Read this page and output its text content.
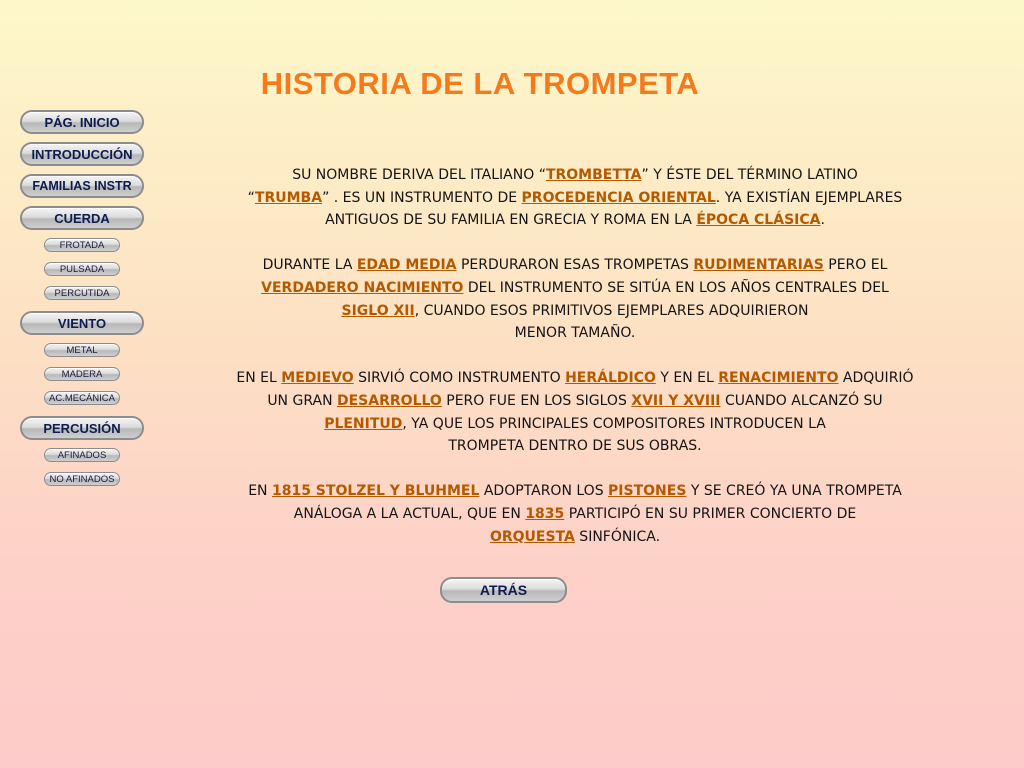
HISTORIA DE LA TROMPETA
PÁG. INICIO
INTRODUCCIÓN
FAMILIAS INSTR
CUERDA
FROTADA
PULSADA
PERCUTIDA
VIENTO
METAL
MADERA
AC.MECÁNICA
PERCUSIÓN
AFINADOS
NO AFINADOS
SU NOMBRE DERIVA DEL ITALIANO “TROMBETTA” Y ÉSTE DEL TÉRMINO LATINO
“TRUMBA” . ES UN INSTRUMENTO DE PROCEDENCIA ORIENTAL. YA EXISTÍAN EJEMPLARES
ANTIGUOS DE SU FAMILIA EN GRECIA Y ROMA EN LA ÉPOCA CLÁSICA.
DURANTE LA EDAD MEDIA PERDURARON ESAS TROMPETAS RUDIMENTARIAS PERO EL
VERDADERO NACIMIENTO DEL INSTRUMENTO SE SITÚA EN LOS AÑOS CENTRALES DEL
SIGLO XII, CUANDO ESOS PRIMITIVOS EJEMPLARES ADQUIRIERON
MENOR TAMAÑO.
EN EL MEDIEVO SIRVIÓ COMO INSTRUMENTO HERÁLDICO Y EN EL RENACIMIENTO ADQUIRIÓ
UN GRAN DESARROLLO PERO FUE EN LOS SIGLOS XVII Y XVIII CUANDO ALCANZÓ SU
PLENITUD, YA QUE LOS PRINCIPALES COMPOSITORES INTRODUCEN LA
TROMPETA DENTRO DE SUS OBRAS.
EN 1815 STOLZEL Y BLUHMEL ADOPTARON LOS PISTONES Y SE CREÓ YA UNA TROMPETA
ANÁLOGA A LA ACTUAL, QUE EN 1835 PARTICIPÓ EN SU PRIMER CONCIERTO DE
ORQUESTA SINFÓNICA.
ATRÁS
